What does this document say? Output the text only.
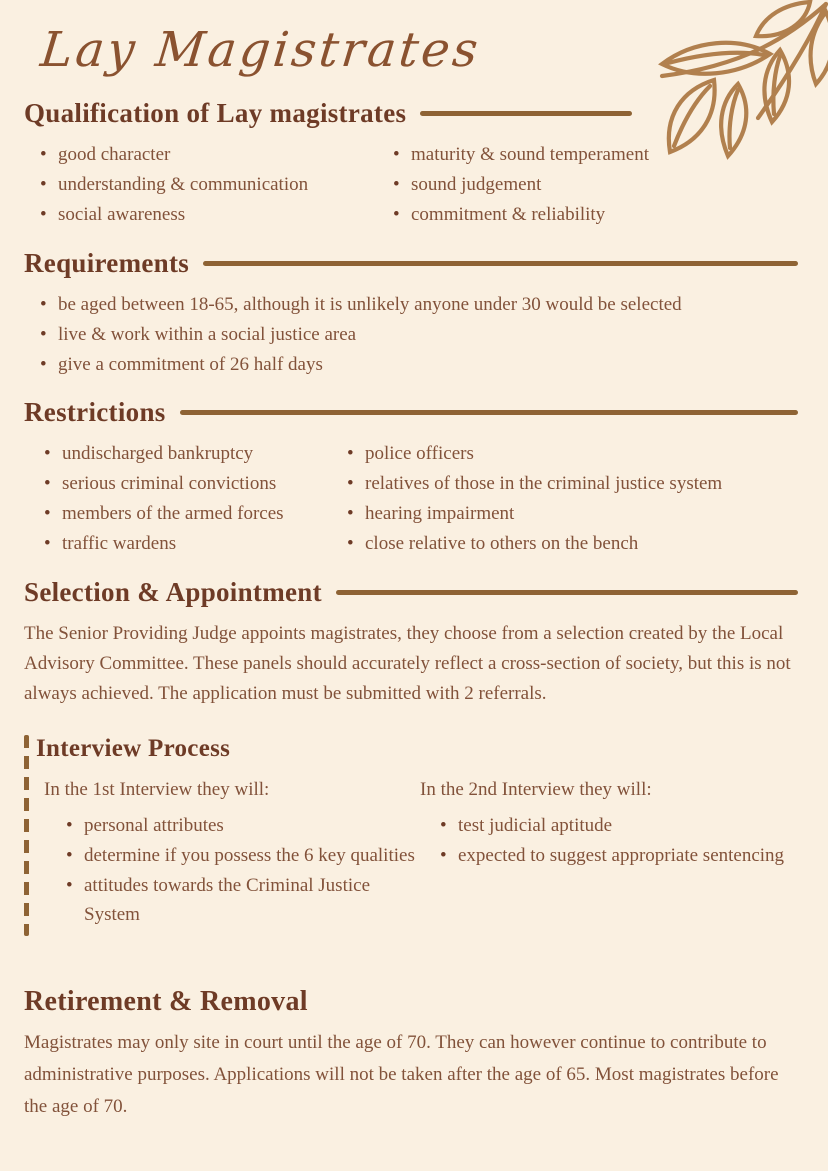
Lay Magistrates
Qualification of Lay magistrates
• good character
• understanding & communication
• social awareness
• maturity & sound temperament
• sound judgement
• commitment & reliability
Requirements
• be aged between 18-65, although it is unlikely anyone under 30 would be selected
• live & work within a social justice area
• give a commitment of 26 half days
Restrictions
• undischarged bankruptcy
• serious criminal convictions
• members of the armed forces
• traffic wardens
• police officers
• relatives of those in the criminal justice system
• hearing impairment
• close relative to others on the bench
Selection & Appointment

The Senior Providing Judge appoints magistrates, they choose from a selection created by the Local Advisory Committee. These panels should accurately reflect a cross-section of society, but this is not always achieved. The application must be submitted with 2 referrals.

Interview Process
In the 1st Interview they will:
• personal attributes
• determine if you possess the 6 key qualities
• attitudes towards the Criminal Justice System
In the 2nd Interview they will:
• test judicial aptitude
• expected to suggest appropriate sentencing
Retirement & Removal

Magistrates may only site in court until the age of 70. They can however continue to contribute to administrative purposes. Applications will not be taken after the age of 65. Most magistrates before the age of 70.
